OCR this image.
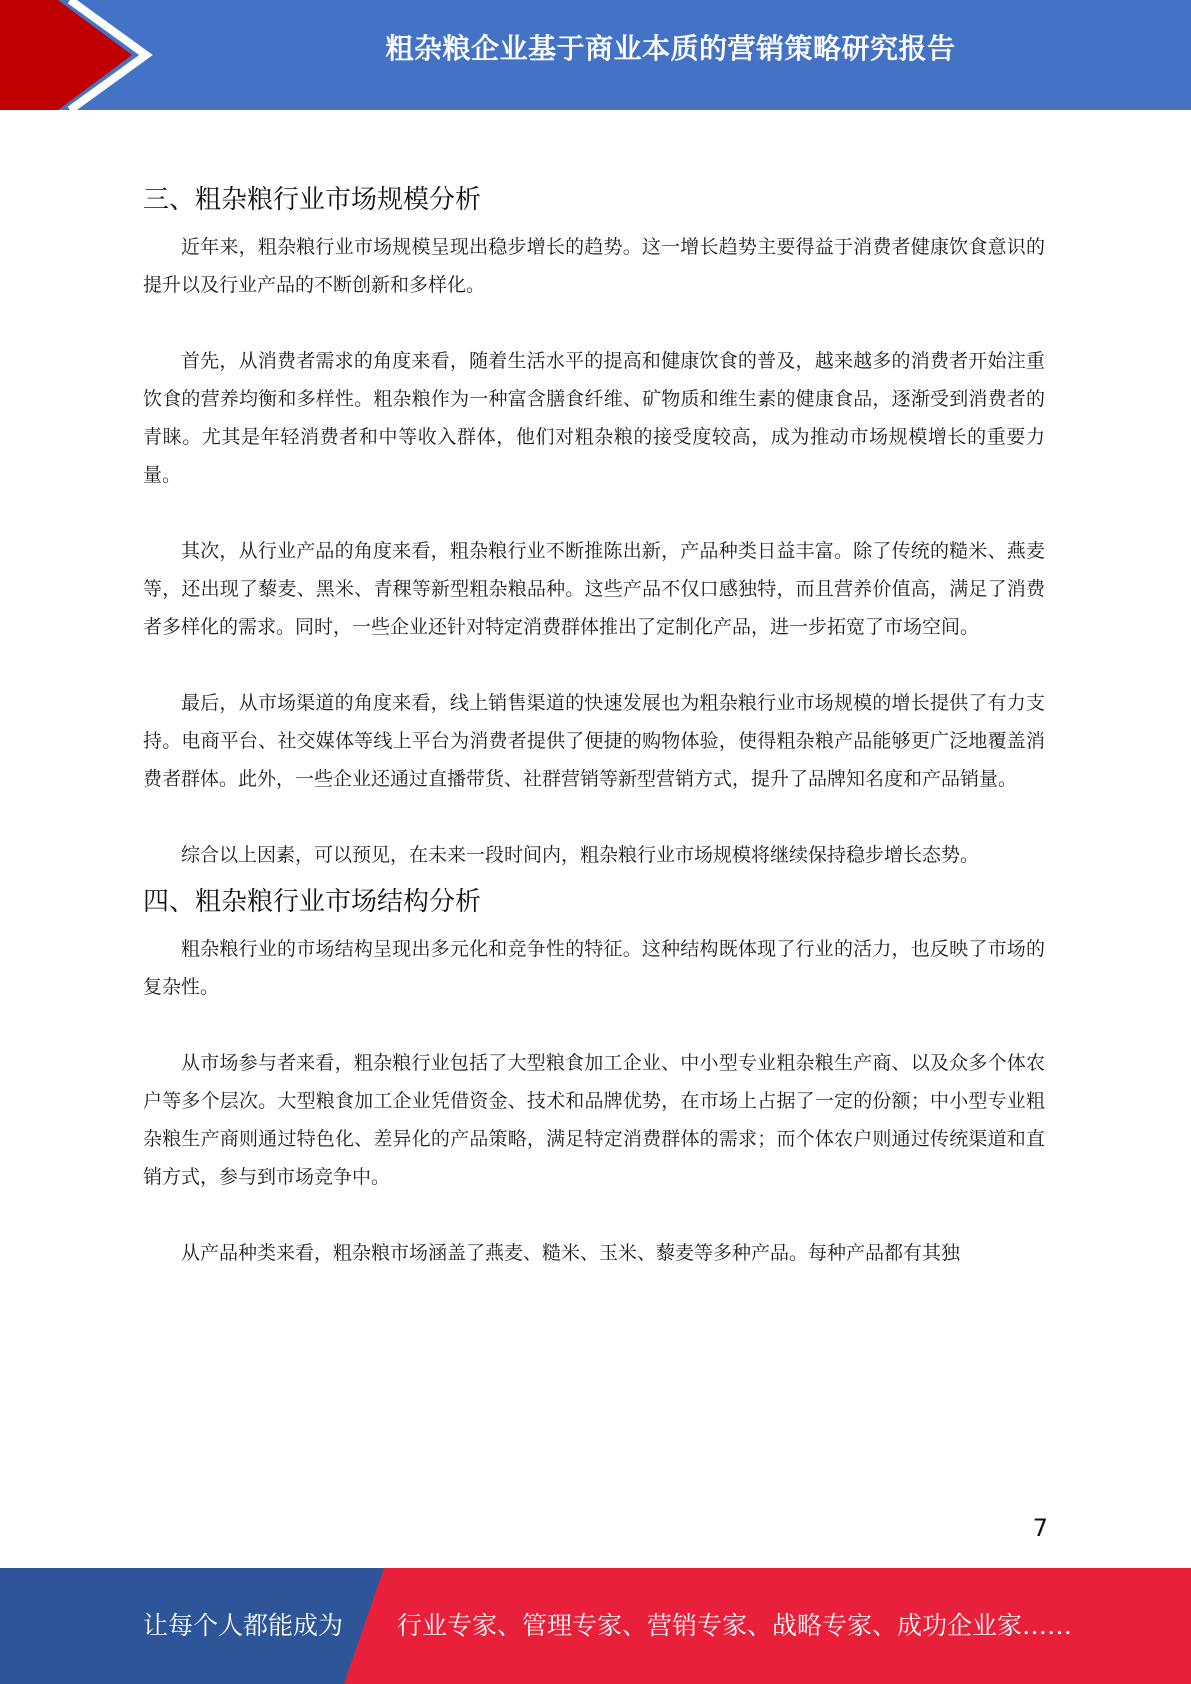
粗杂粮企业基于商业本质的营销策略研究报告
三、粗杂粮行业市场规模分析

近年来，粗杂粮行业市场规模呈现出稳步增长的趋势。这一增长趋势主要得益于消费者健康饮食意识的提升以及行业产品的不断创新和多样化。

首先，从消费者需求的角度来看，随着生活水平的提高和健康饮食的普及，越来越多的消费者开始注重饮食的营养均衡和多样性。粗杂粮作为一种富含膳食纤维、矿物质和维生素的健康食品，逐渐受到消费者的青睐。尤其是年轻消费者和中等收入群体，他们对粗杂粮的接受度较高，成为推动市场规模增长的重要力量。

其次，从行业产品的角度来看，粗杂粮行业不断推陈出新，产品种类日益丰富。除了传统的糙米、燕麦等，还出现了藜麦、黑米、青稞等新型粗杂粮品种。这些产品不仅口感独特，而且营养价值高，满足了消费者多样化的需求。同时，一些企业还针对特定消费群体推出了定制化产品，进一步拓宽了市场空间。

最后，从市场渠道的角度来看，线上销售渠道的快速发展也为粗杂粮行业市场规模的增长提供了有力支持。电商平台、社交媒体等线上平台为消费者提供了便捷的购物体验，使得粗杂粮产品能够更广泛地覆盖消费者群体。此外，一些企业还通过直播带货、社群营销等新型营销方式，提升了品牌知名度和产品销量。

综合以上因素，可以预见，在未来一段时间内，粗杂粮行业市场规模将继续保持稳步增长态势。

四、粗杂粮行业市场结构分析

粗杂粮行业的市场结构呈现出多元化和竞争性的特征。这种结构既体现了行业的活力，也反映了市场的复杂性。

从市场参与者来看，粗杂粮行业包括了大型粮食加工企业、中小型专业粗杂粮生产商、以及众多个体农户等多个层次。大型粮食加工企业凭借资金、技术和品牌优势，在市场上占据了一定的份额；中小型专业粗杂粮生产商则通过特色化、差异化的产品策略，满足特定消费群体的需求；而个体农户则通过传统渠道和直销方式，参与到市场竞争中。

从产品种类来看，粗杂粮市场涵盖了燕麦、糙米、玉米、藜麦等多种产品。每种产品都有其独

7
让每个人都能成为 行业专家、管理专家、营销专家、战略专家、成功企业家……
